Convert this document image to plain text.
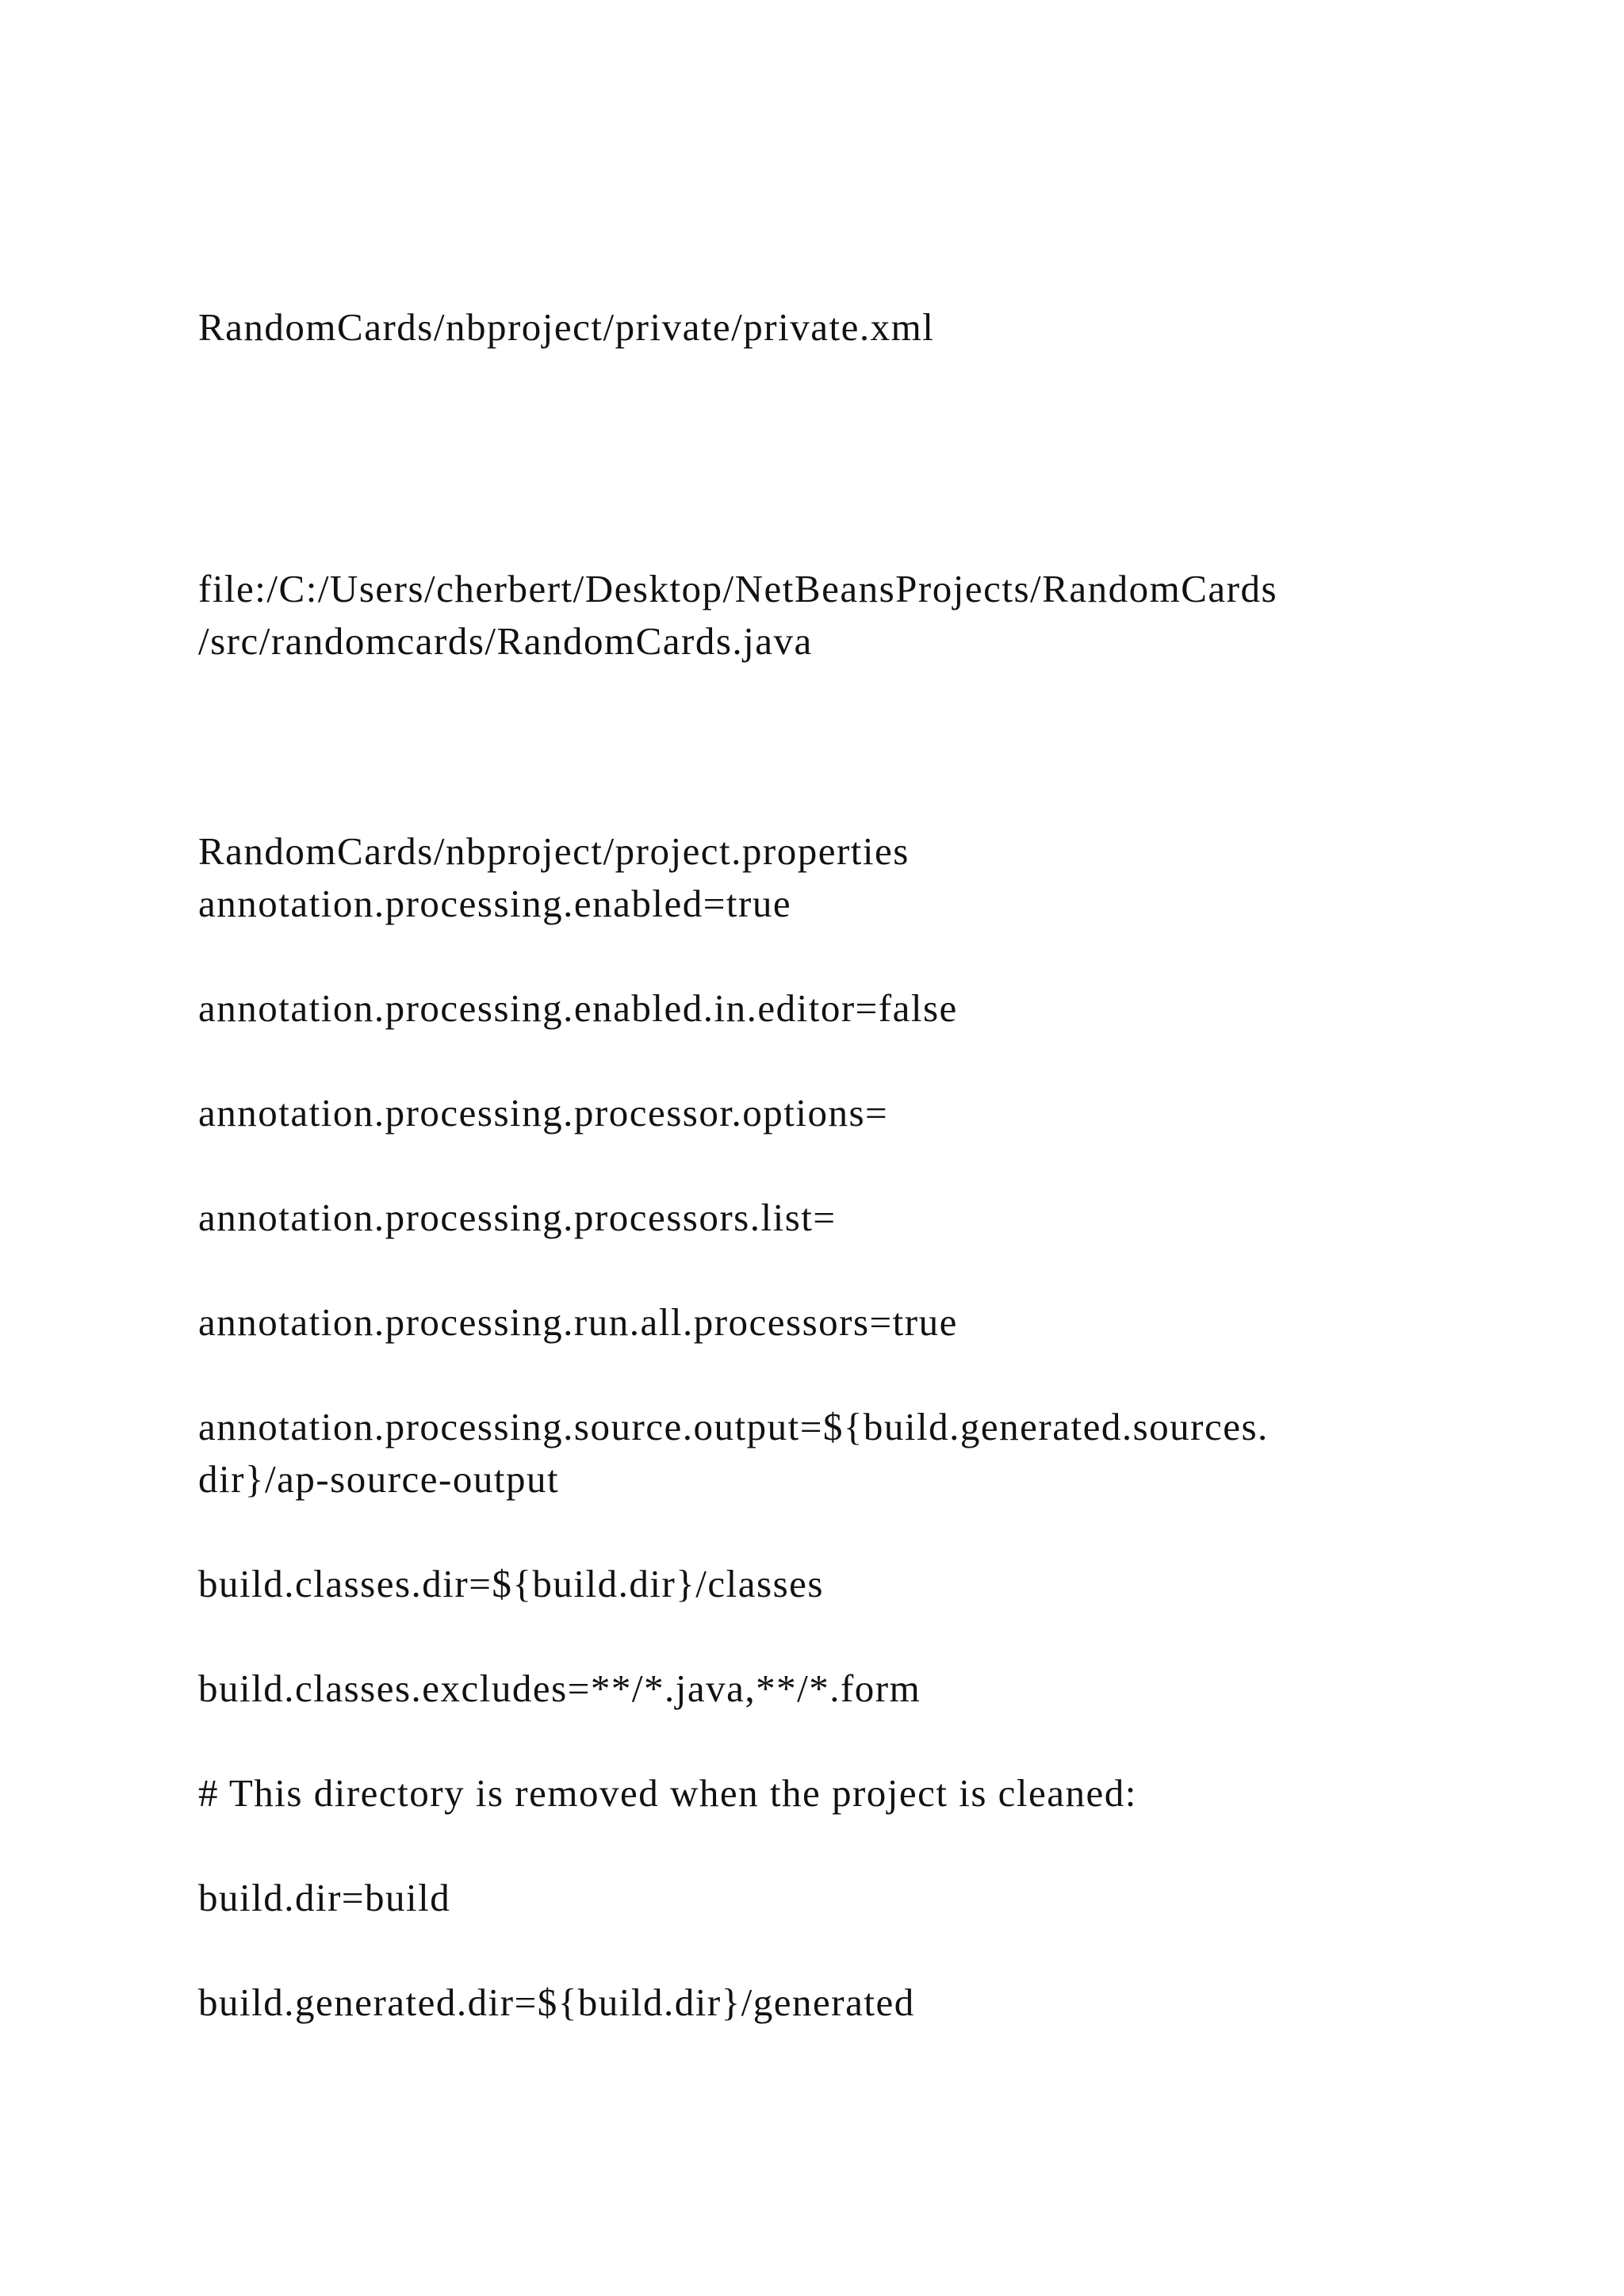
RandomCards/nbproject/private/private.xml

file:/C:/Users/cherbert/Desktop/NetBeansProjects/RandomCards

/src/randomcards/RandomCards.java

RandomCards/nbproject/project.properties

annotation.processing.enabled=true

annotation.processing.enabled.in.editor=false

annotation.processing.processor.options=

annotation.processing.processors.list=

annotation.processing.run.all.processors=true

annotation.processing.source.output=${build.generated.sources.

dir}/ap-source-output

build.classes.dir=${build.dir}/classes

build.classes.excludes=**/*.java,**/*.form

# This directory is removed when the project is cleaned:

build.dir=build

build.generated.dir=${build.dir}/generated
